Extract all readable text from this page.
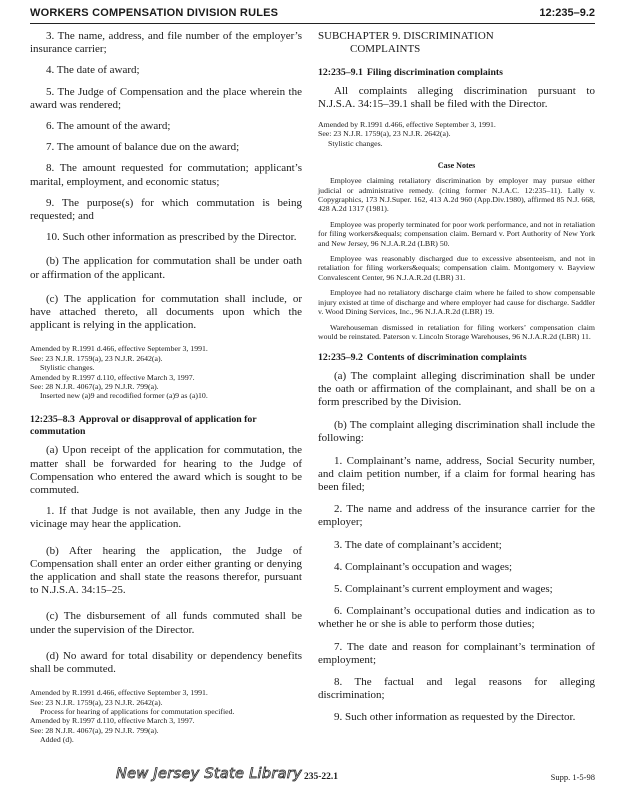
WORKERS COMPENSATION DIVISION RULES	12:235–9.2

3. The name, address, and file number of the employer’s insurance carrier;

4. The date of award;

5. The Judge of Compensation and the place wherein the award was rendered;

6. The amount of the award;

7. The amount of balance due on the award;

8. The amount requested for commutation; applicant’s marital, employment, and economic status;

9. The purpose(s) for which commutation is being requested; and

10. Such other information as prescribed by the Director.

(b) The application for commutation shall be under oath or affirmation of the applicant.

(c) The application for commutation shall include, or have attached thereto, all documents upon which the applicant is relying in the application.

Amended by R.1991 d.466, effective September 3, 1991.

See: 23 N.J.R. 1759(a), 23 N.J.R. 2642(a).

Stylistic changes.

Amended by R.1997 d.110, effective March 3, 1997.

See: 28 N.J.R. 4067(a), 29 N.J.R. 799(a).

Inserted new (a)9 and recodified former (a)9 as (a)10.

12:235–8.3 Approval or disapproval of application for commutation

(a) Upon receipt of the application for commutation, the matter shall be forwarded for hearing to the Judge of Compensation who entered the award which is sought to be commuted.

1. If that Judge is not available, then any Judge in the vicinage may hear the application.

(b) After hearing the application, the Judge of Compensation shall enter an order either granting or denying the application and shall state the reasons therefor, pursuant to N.J.S.A. 34:15–25.

(c) The disbursement of all funds commuted shall be under the supervision of the Director.

(d) No award for total disability or dependency benefits shall be commuted.

Amended by R.1991 d.466, effective September 3, 1991.

See: 23 N.J.R. 1759(a), 23 N.J.R. 2642(a).

Process for hearing of applications for commutation specified.

Amended by R.1997 d.110, effective March 3, 1997.

See: 28 N.J.R. 4067(a), 29 N.J.R. 799(a).

Added (d).

SUBCHAPTER 9. DISCRIMINATION
COMPLAINTS

12:235–9.1 Filing discrimination complaints

All complaints alleging discrimination pursuant to N.J.S.A. 34:15–39.1 shall be filed with the Director.

Amended by R.1991 d.466, effective September 3, 1991.

See: 23 N.J.R. 1759(a), 23 N.J.R. 2642(a).

Stylistic changes.

Case Notes

Employee claiming retaliatory discrimination by employer may pursue either judicial or administrative remedy. (citing former N.J.A.C. 12:235–11). Lally v. Copygraphics, 173 N.J.Super. 162, 413 A.2d 960 (App.Div.1980), affirmed 85 N.J. 668, 428 A.2d 1317 (1981).

Employee was properly terminated for poor work performance, and not in retaliation for filing workers&equals; compensation claim. Bernard v. Port Authority of New York and New Jersey, 96 N.J.A.R.2d (LBR) 50.

Employee was reasonably discharged due to excessive absenteeism, and not in retaliation for filing workers&equals; compensation claim. Montgomery v. Bayview Convalescent Center, 96 N.J.A.R.2d (LBR) 31.

Employee had no retaliatory discharge claim where he failed to show compensable injury existed at time of discharge and where employer had cause for discharge. Saddler v. Wood Dining Services, Inc., 96 N.J.A.R.2d (LBR) 19.

Warehouseman dismissed in retaliation for filing workers’ compensation claim would be reinstated. Paterson v. Lincoln Storage Warehouses, 96 N.J.A.R.2d (LBR) 11.

12:235–9.2 Contents of discrimination complaints

(a) The complaint alleging discrimination shall be under the oath or affirmation of the complainant, and shall be on a form prescribed by the Division.

(b) The complaint alleging discrimination shall include the following:

1. Complainant’s name, address, Social Security number, and claim petition number, if a claim for formal hearing has been filed;

2. The name and address of the insurance carrier for the employer;

3. The date of complainant’s accident;

4. Complainant’s occupation and wages;

5. Complainant’s current employment and wages;

6. Complainant’s occupational duties and indication as to whether he or she is able to perform those duties;

7. The date and reason for complainant’s termination of employment;

8. The factual and legal reasons for alleging discrimination;

9. Such other information as requested by the Director.

New Jersey State Library 235-22.1	Supp. 1-5-98
